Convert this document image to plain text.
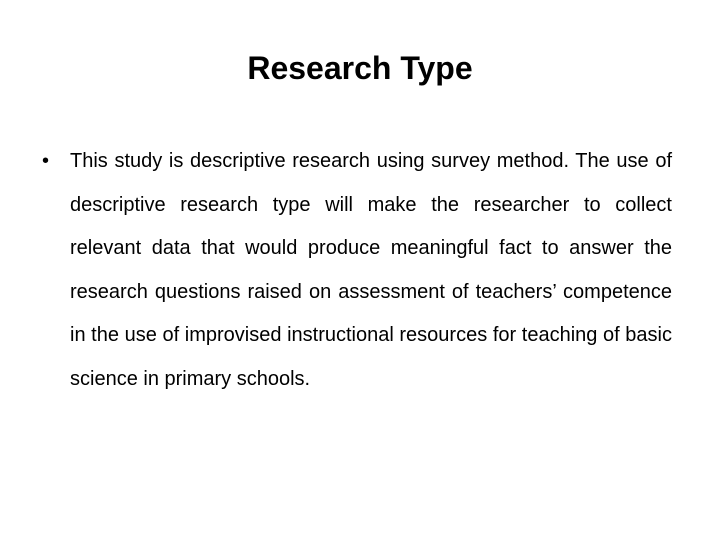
Research Type
• This study is descriptive research using survey method. The use of descriptive research type will make the researcher to collect relevant data that would produce meaningful fact to answer the research questions raised on assessment of teachers’ competence in the use of improvised instructional resources for teaching of basic science in primary schools.
